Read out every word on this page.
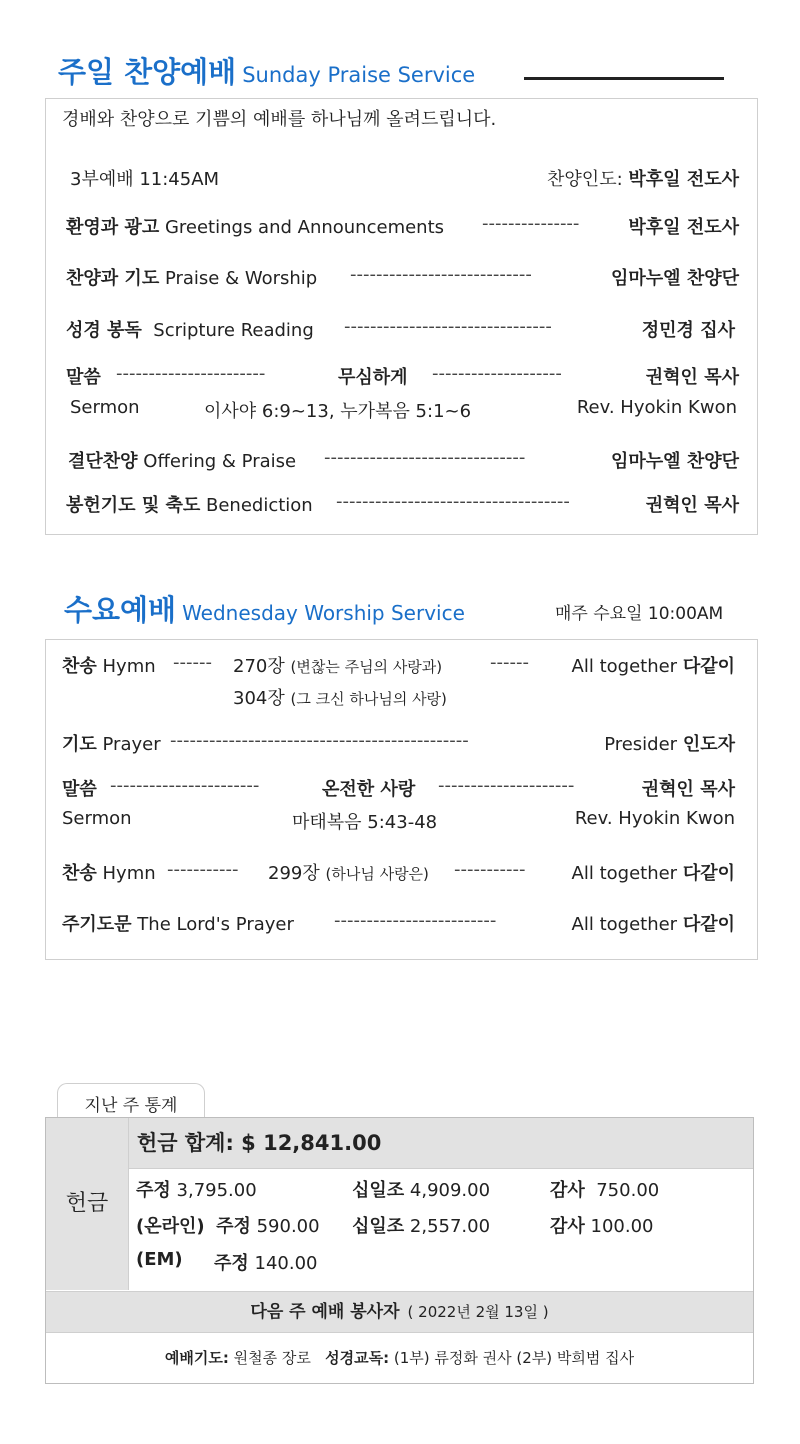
주일 찬양예배 Sunday Praise Service
경배와 찬양으로 기쁨의 예배를 하나님께 올려드립니다.
3부예배 11:45AM	찬양인도: 박후일 전도사
환영과 광고 Greetings and Announcements ---------------	박후일 전도사
찬양과 기도 Praise & Worship ----------------------------	임마누엘 찬양단
성경 봉독 Scripture Reading --------------------------------	정민경 집사
말씀 -----------------------	무심하게 --------------------	권혁인 목사
Sermon	이사야 6:9~13, 누가복음 5:1~6	Rev. Hyokin Kwon
결단찬양 Offering & Praise -------------------------------	임마누엘 찬양단
봉헌기도 및 축도 Benediction ------------------------------------	권혁인 목사
수요예배 Wednesday Worship Service	매주 수요일 10:00AM
찬송 Hymn ------ 270장 (변찮는 주님의 사랑과)	------ All together 다같이
304장 (그 크신 하나님의 사랑)
기도 Prayer ----------------------------------------------	Presider 인도자
말씀 -----------------------	온전한 사랑 ---------------------	권혁인 목사
Sermon	마태복음 5:43-48	Rev. Hyokin Kwon
찬송 Hymn ----------- 299장 (하나님 사랑은) -----------	All together 다같이
주기도문 The Lord's Prayer -------------------------	All together 다같이
지난 주 통계
헌금
헌금 합계: $ 12,841.00
주정 3,795.00	십일조 4,909.00	감사 750.00
(온라인) 주정 590.00 십일조 2,557.00	감사 100.00
(EM) 주정 140.00
다음 주 예배 봉사자 ( 2022년 2월 13일 )
예배기도: 원철종 장로 성경교독: (1부) 류정화 권사 (2부) 박희범 집사
